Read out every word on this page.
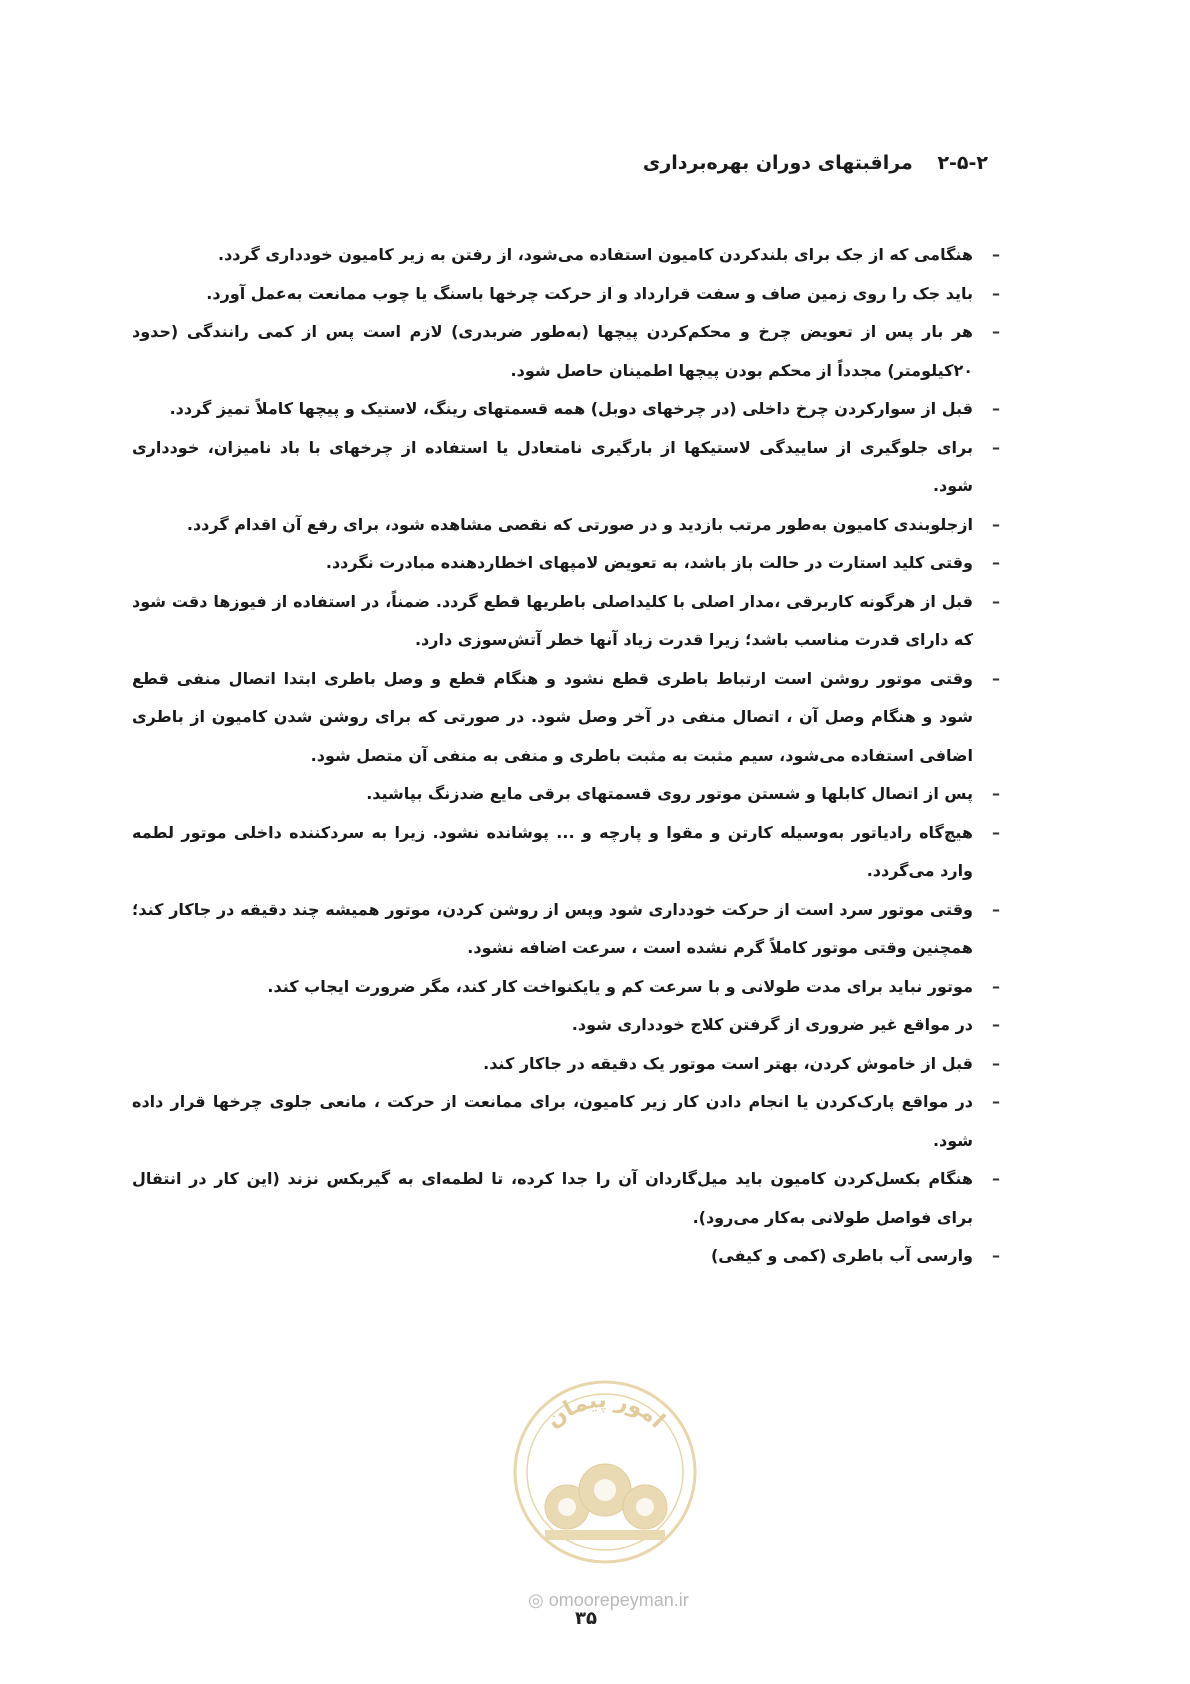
۲-۵-۲ مراقبتهای دوران بهره‌برداری
–
هنگامی که از جک برای بلندکردن کامیون استفاده می‌شود، از رفتن به زیر کامیون خودداری گردد.
–
باید جک را روی زمین صاف و سفت قرارداد و از حرکت چرخها باسنگ یا چوب ممانعت به‌عمل آورد.
–
هر بار پس از تعویض چرخ و محکم‌کردن پیچها (به‌طور ضربدری) لازم است پس از کمی رانندگی (حدود ۲۰کیلومتر) مجدداً از محکم بودن پیچها اطمینان حاصل شود.
–
قبل از سوارکردن چرخ داخلی (در چرخهای دوبل) همه قسمتهای رینگ، لاستیک و پیچها کاملاً تمیز گردد.
–
برای جلوگیری از ساییدگی لاستیکها از بارگیری نامتعادل یا استفاده از چرخهای با باد نامیزان، خودداری شود.
–
ازجلوبندی کامیون به‌طور مرتب بازدید و در صورتی که نقصی مشاهده شود، برای رفع آن اقدام گردد.
–
وقتی کلید استارت در حالت باز باشد، به تعویض لامپهای اخطاردهنده مبادرت نگردد.
–
قبل از هرگونه کاربرقی ،مدار اصلی با کلیداصلی باطریها قطع گردد. ضمناً، در استفاده از فیوزها دقت شود که دارای قدرت مناسب باشد؛ زیرا قدرت زیاد آنها خطر آتش‌سوزی دارد.
–
وقتی موتور روشن است ارتباط باطری قطع نشود و هنگام قطع و وصل باطری ابتدا اتصال منفی قطع شود و هنگام وصل آن ، اتصال منفی در آخر وصل شود. در صورتی که برای روشن شدن کامیون از باطری اضافی استفاده می‌شود، سیم مثبت به مثبت باطری و منفی به منفی آن متصل شود.
–
پس از اتصال کابلها و شستن موتور روی قسمتهای برقی مایع ضدزنگ بپاشید.
–
هیچ‌گاه رادیاتور به‌وسیله کارتن و مقوا و پارچه و ... پوشانده نشود. زیرا به سردکننده داخلی موتور لطمه وارد می‌گردد.
–
وقتی موتور سرد است از حرکت خودداری شود وپس از روشن کردن، موتور همیشه چند دقیقه در جاکار کند؛ همچنین وقتی موتور کاملاً گرم نشده است ، سرعت اضافه نشود.
–
موتور نباید برای مدت طولانی و با سرعت کم و یایکنواخت کار کند، مگر ضرورت ایجاب کند.
–
در مواقع غیر ضروری از گرفتن کلاج خودداری شود.
–
قبل از خاموش کردن، بهتر است موتور یک دقیقه در جاکار کند.
–
در مواقع پارک‌کردن یا انجام دادن کار زیر کامیون، برای ممانعت از حرکت ، مانعی جلوی چرخها قرار داده شود.
–
هنگام بکسل‌کردن کامیون باید میل‌گاردان آن را جدا کرده، تا لطمه‌ای به گیربکس نزند (این کار در انتقال برای فواصل طولانی به‌کار می‌رود).
–
وارسی آب باطری (کمی و کیفی)
امور پیمان
◎ omoorepeyman.ir
۳۵
